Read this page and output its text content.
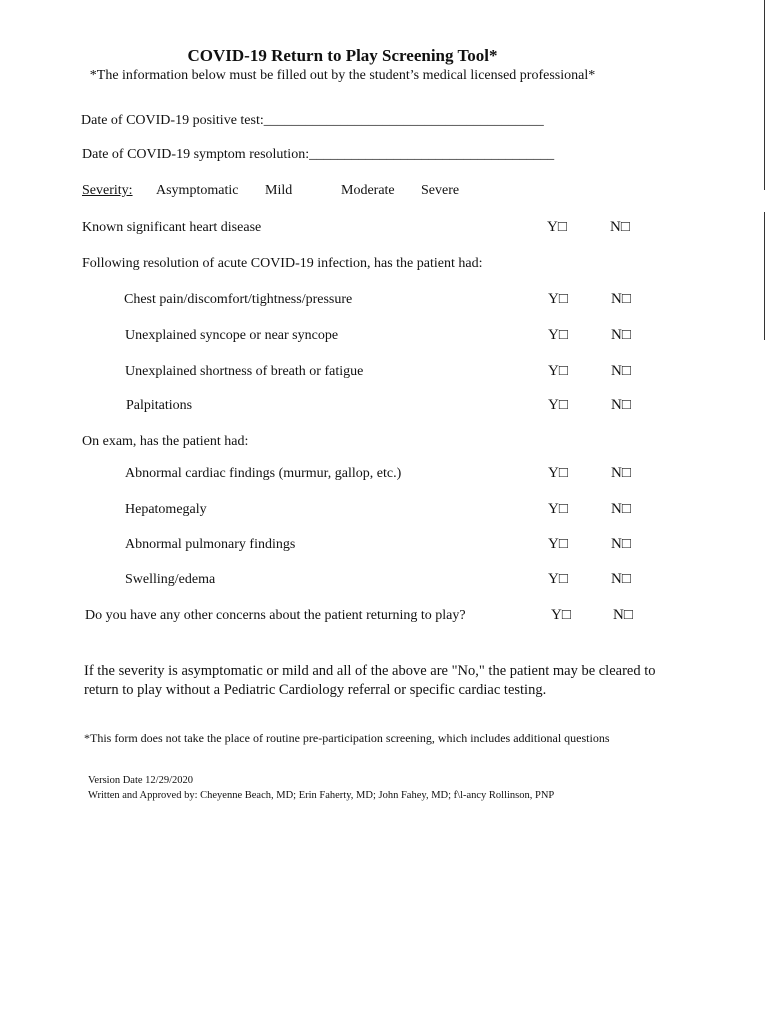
COVID-19 Return to Play Screening Tool*
*The information below must be filled out by the student’s medical licensed professional*
Date of COVID-19 positive test:________________________________________
Date of COVID-19 symptom resolution:___________________________________
Severity: Asymptomatic Mild	Moderate Severe
Known significant heart disease	Y□	N□
Following resolution of acute COVID-19 infection, has the patient had:
Chest pain/discomfort/tightness/pressure	Y□	N□
Unexplained syncope or near syncope	Y□	N□
Unexplained shortness of breath or fatigue	Y□	N□
Palpitations	Y□	N□
On exam, has the patient had:
Abnormal cardiac findings (murmur, gallop, etc.)	Y□	N□
Hepatomegaly	Y□	N□
Abnormal pulmonary findings	Y□	N□
Swelling/edema	Y□	N□
Do you have any other concerns about the patient returning to play?	Y□	N□
If the severity is asymptomatic or mild and all of the above are "No," the patient may be cleared to return to play without a Pediatric Cardiology referral or specific cardiac testing.
*This form does not take the place of routine pre-participation screening, which includes additional questions
Version Date 12/29/2020
Written and Approved by: Cheyenne Beach, MD; Erin Faherty, MD; John Fahey, MD; f\l-ancy Rollinson, PNP
